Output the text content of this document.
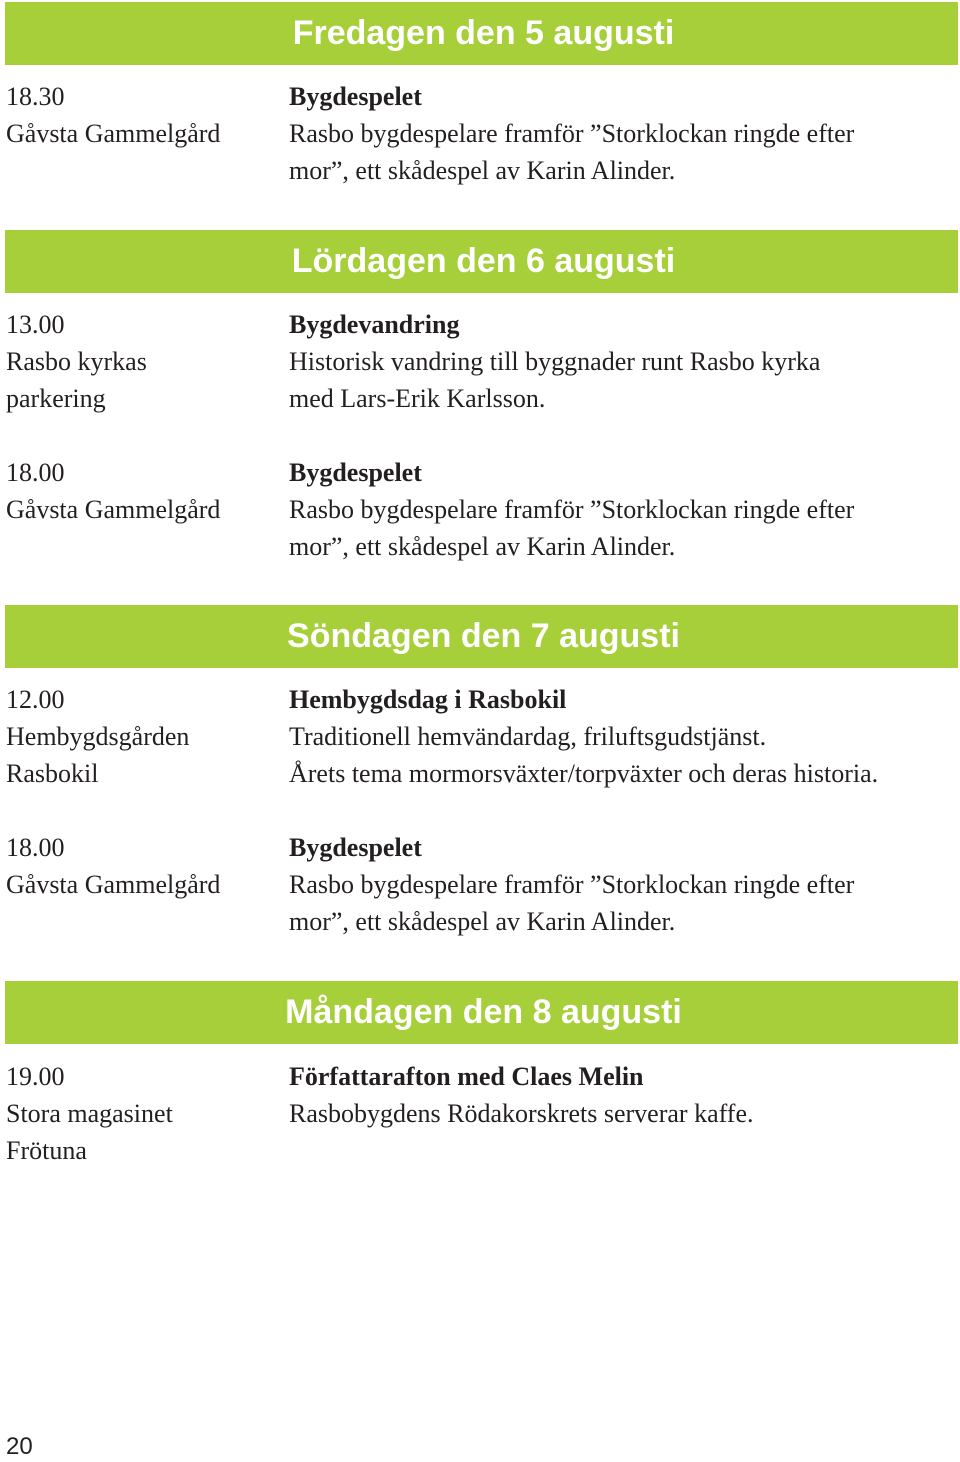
Fredagen den 5 augusti
18.30
Gåvsta Gammelgård
Bygdespelet
Rasbo bygdespelare framför ”Storklockan ringde efter
mor”, ett skådespel av Karin Alinder.
Lördagen den 6 augusti
13.00
Rasbo kyrkas
parkering
Bygdevandring
Historisk vandring till byggnader runt Rasbo kyrka
med Lars-Erik Karlsson.
18.00
Gåvsta Gammelgård
Bygdespelet
Rasbo bygdespelare framför ”Storklockan ringde efter
mor”, ett skådespel av Karin Alinder.
Söndagen den 7 augusti
12.00
Hembygdsgården
Rasbokil
Hembygdsdag i Rasbokil
Traditionell hemvändardag, friluftsgudstjänst.
Årets tema mormorsväxter/torpväxter och deras historia.
18.00
Gåvsta Gammelgård
Bygdespelet
Rasbo bygdespelare framför ”Storklockan ringde efter
mor”, ett skådespel av Karin Alinder.
Måndagen den 8 augusti
19.00
Stora magasinet
Frötuna
Författarafton med Claes Melin
Rasbobygdens Rödakorskrets serverar kaffe.
20
